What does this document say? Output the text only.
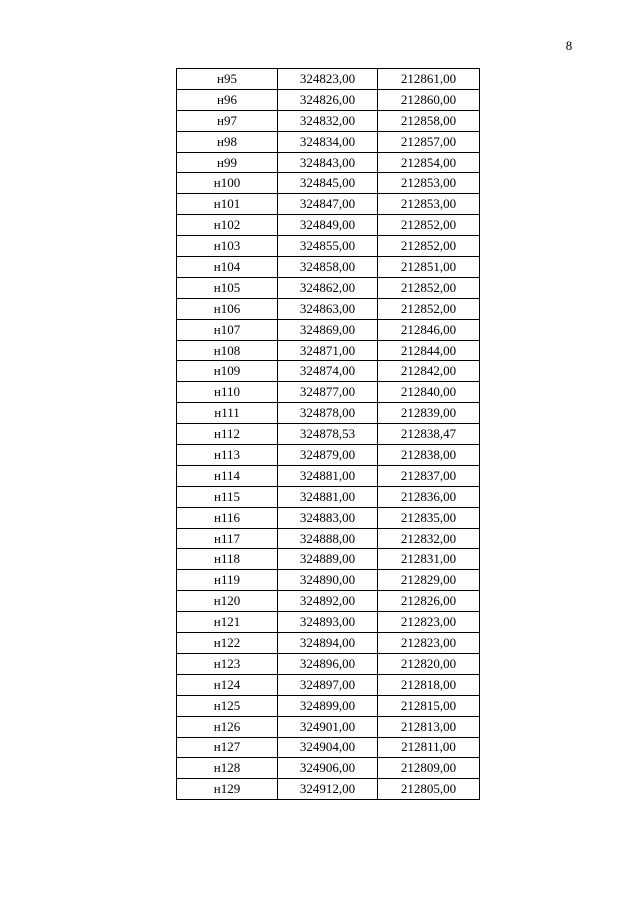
8
н95	324823,00	212861,00
н96	324826,00	212860,00
н97	324832,00	212858,00
н98	324834,00	212857,00
н99	324843,00	212854,00
н100	324845,00	212853,00
н101	324847,00	212853,00
н102	324849,00	212852,00
н103	324855,00	212852,00
н104	324858,00	212851,00
н105	324862,00	212852,00
н106	324863,00	212852,00
н107	324869,00	212846,00
н108	324871,00	212844,00
н109	324874,00	212842,00
н110	324877,00	212840,00
н111	324878,00	212839,00
н112	324878,53	212838,47
н113	324879,00	212838,00
н114	324881,00	212837,00
н115	324881,00	212836,00
н116	324883,00	212835,00
н117	324888,00	212832,00
н118	324889,00	212831,00
н119	324890,00	212829,00
н120	324892,00	212826,00
н121	324893,00	212823,00
н122	324894,00	212823,00
н123	324896,00	212820,00
н124	324897,00	212818,00
н125	324899,00	212815,00
н126	324901,00	212813,00
н127	324904,00	212811,00
н128	324906,00	212809,00
н129	324912,00	212805,00
